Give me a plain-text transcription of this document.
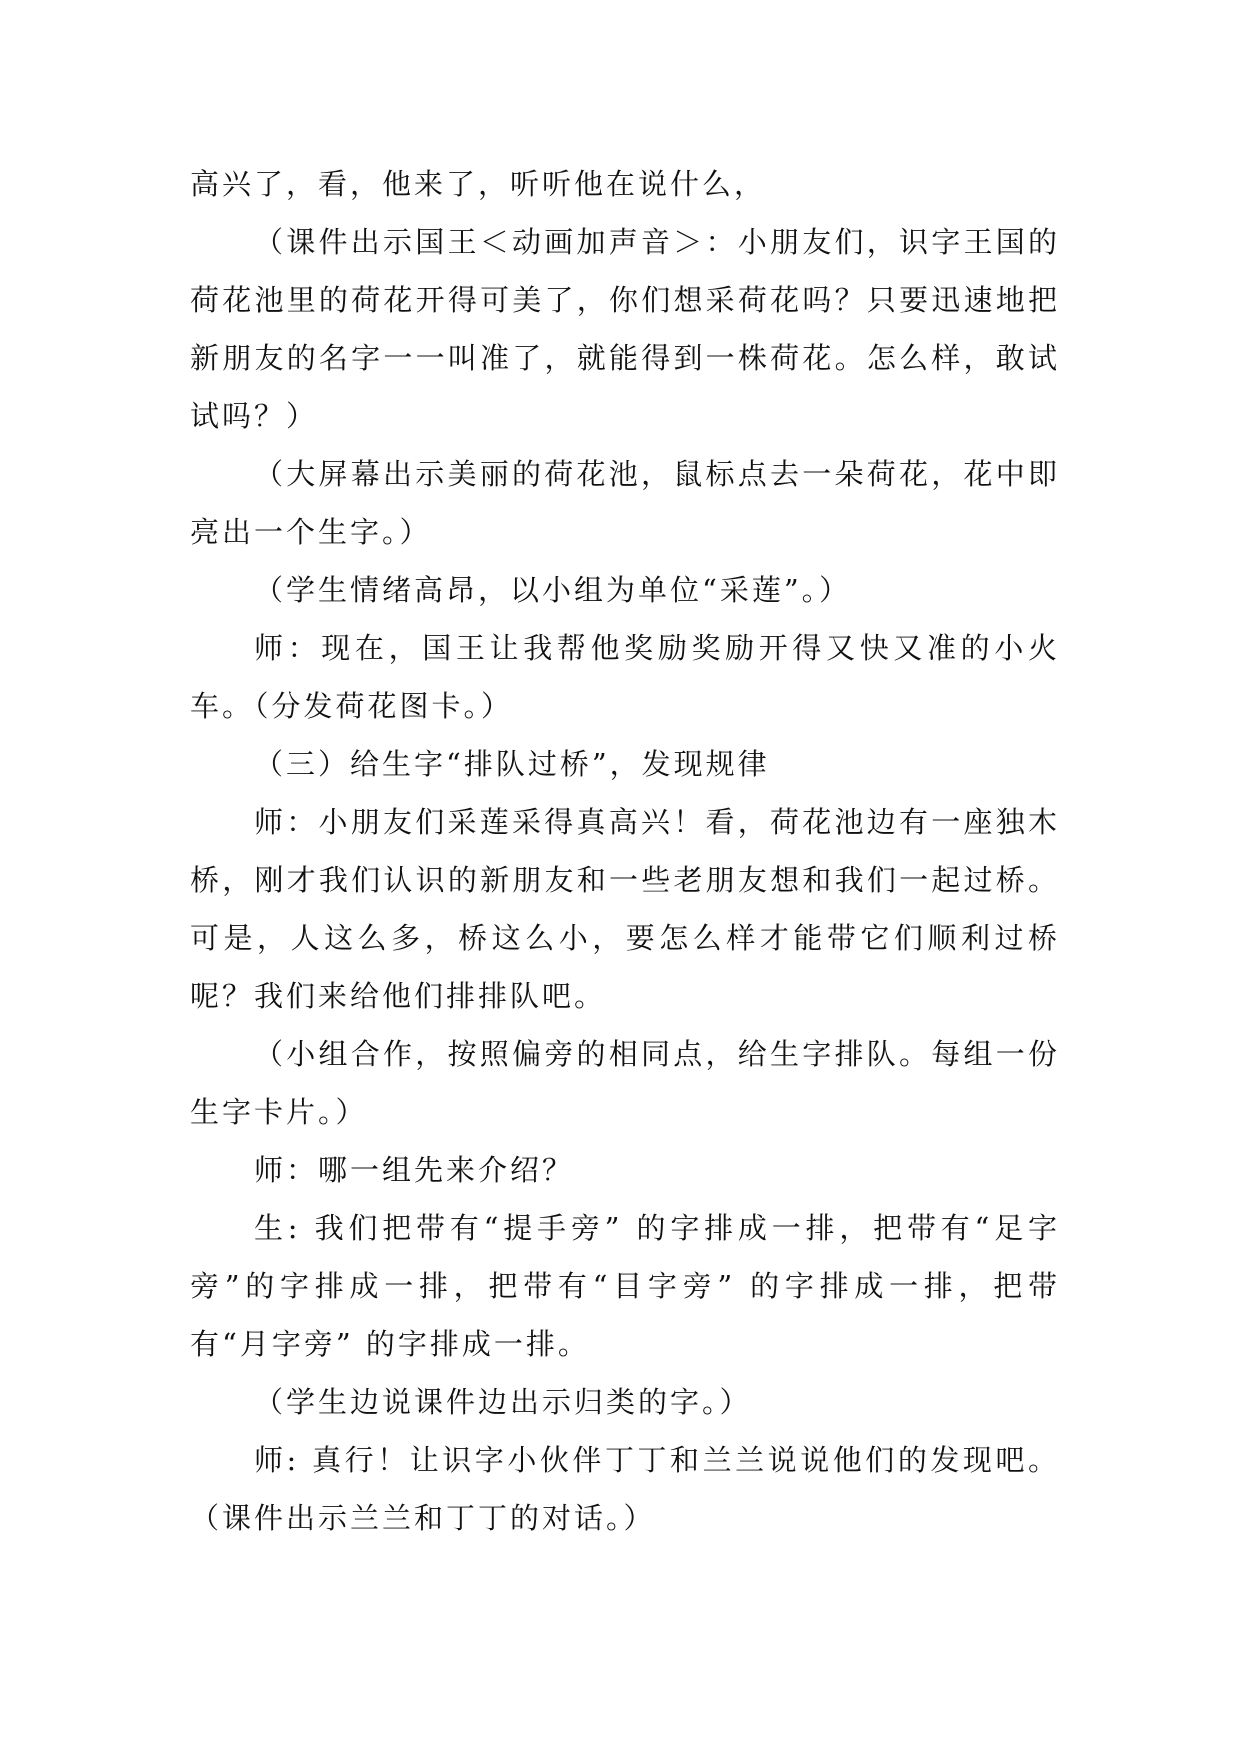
高兴了，看，他来了，听听他在说什么，

（课件出示国王＜动画加声音＞：小朋友们，识字王国的荷花池里的荷花开得可美了，你们想采荷花吗？只要迅速地把新朋友的名字一一叫准了，就能得到一株荷花。怎么样，敢试试吗？）

（大屏幕出示美丽的荷花池，鼠标点去一朵荷花，花中即亮出一个生字。）

（学生情绪高昂，以小组为单位“采莲”。）

师：现在，国王让我帮他奖励奖励开得又快又准的小火车。（分发荷花图卡。）

（三）给生字“排队过桥”，发现规律

师：小朋友们采莲采得真高兴！看，荷花池边有一座独木桥，刚才我们认识的新朋友和一些老朋友想和我们一起过桥。可是，人这么多，桥这么小，要怎么样才能带它们顺利过桥呢？我们来给他们排排队吧。

（小组合作，按照偏旁的相同点，给生字排队。每组一份生字卡片。）

师：哪一组先来介绍？

生: 我们把带有“提手旁” 的字排成一排，把带有“足字旁”的字排成一排，把带有“目字旁” 的字排成一排，把带有“月字旁” 的字排成一排。

（学生边说课件边出示归类的字。）

师: 真行！让识字小伙伴丁丁和兰兰说说他们的发现吧。（课件出示兰兰和丁丁的对话。）
